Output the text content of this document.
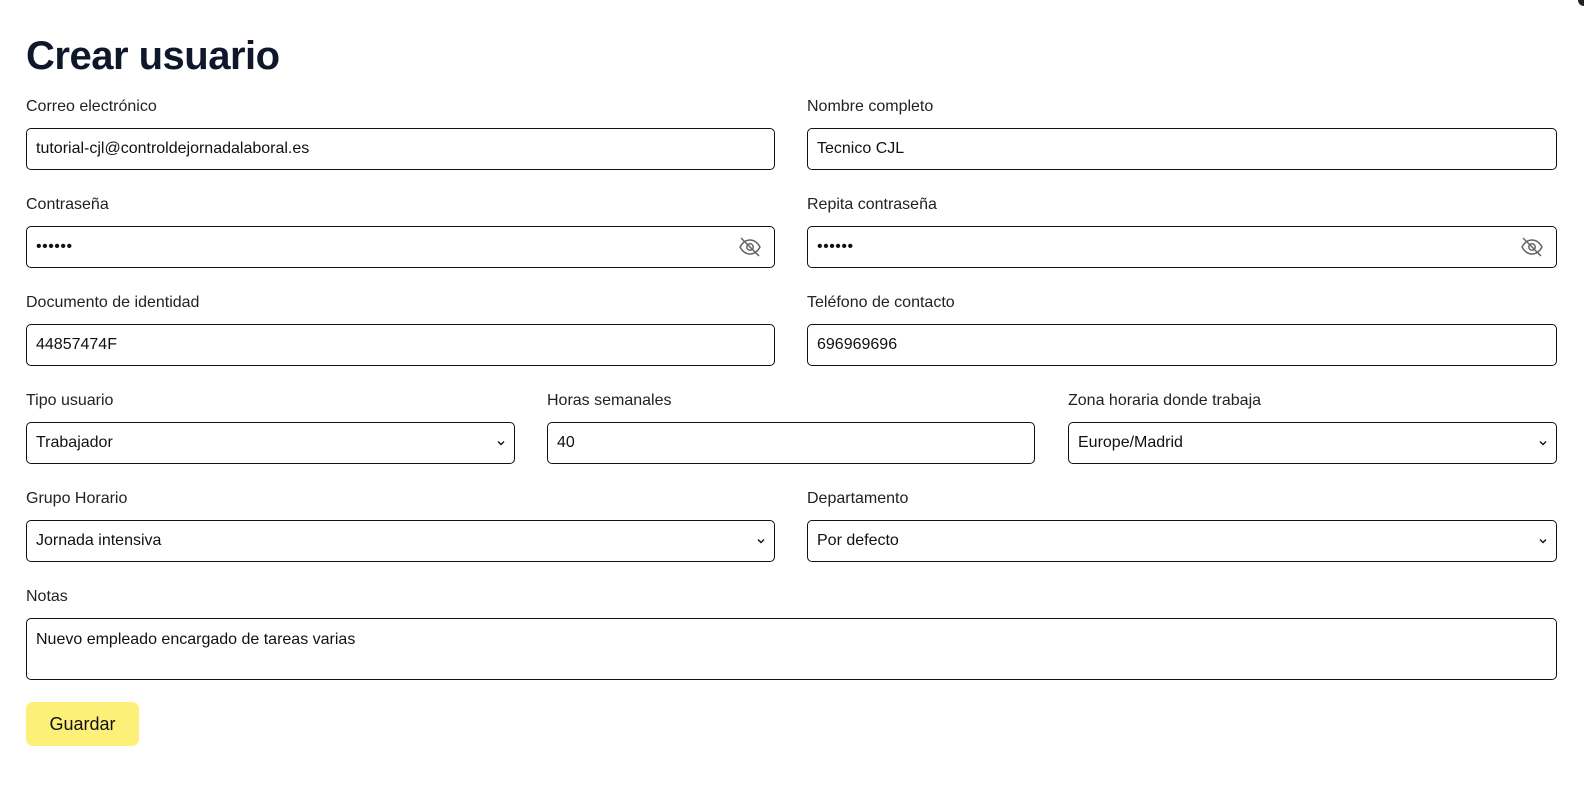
Crear usuario
Correo electrónico
tutorial-cjl@controldejornadalaboral.es
Nombre completo
Tecnico CJL
Contraseña
••••••
Repita contraseña
••••••
Documento de identidad
44857474F
Teléfono de contacto
696969696
Tipo usuario
Trabajador
Horas semanales
40
Zona horaria donde trabaja
Europe/Madrid
Grupo Horario
Jornada intensiva
Departamento
Por defecto
Notas
Nuevo empleado encargado de tareas varias
Guardar
